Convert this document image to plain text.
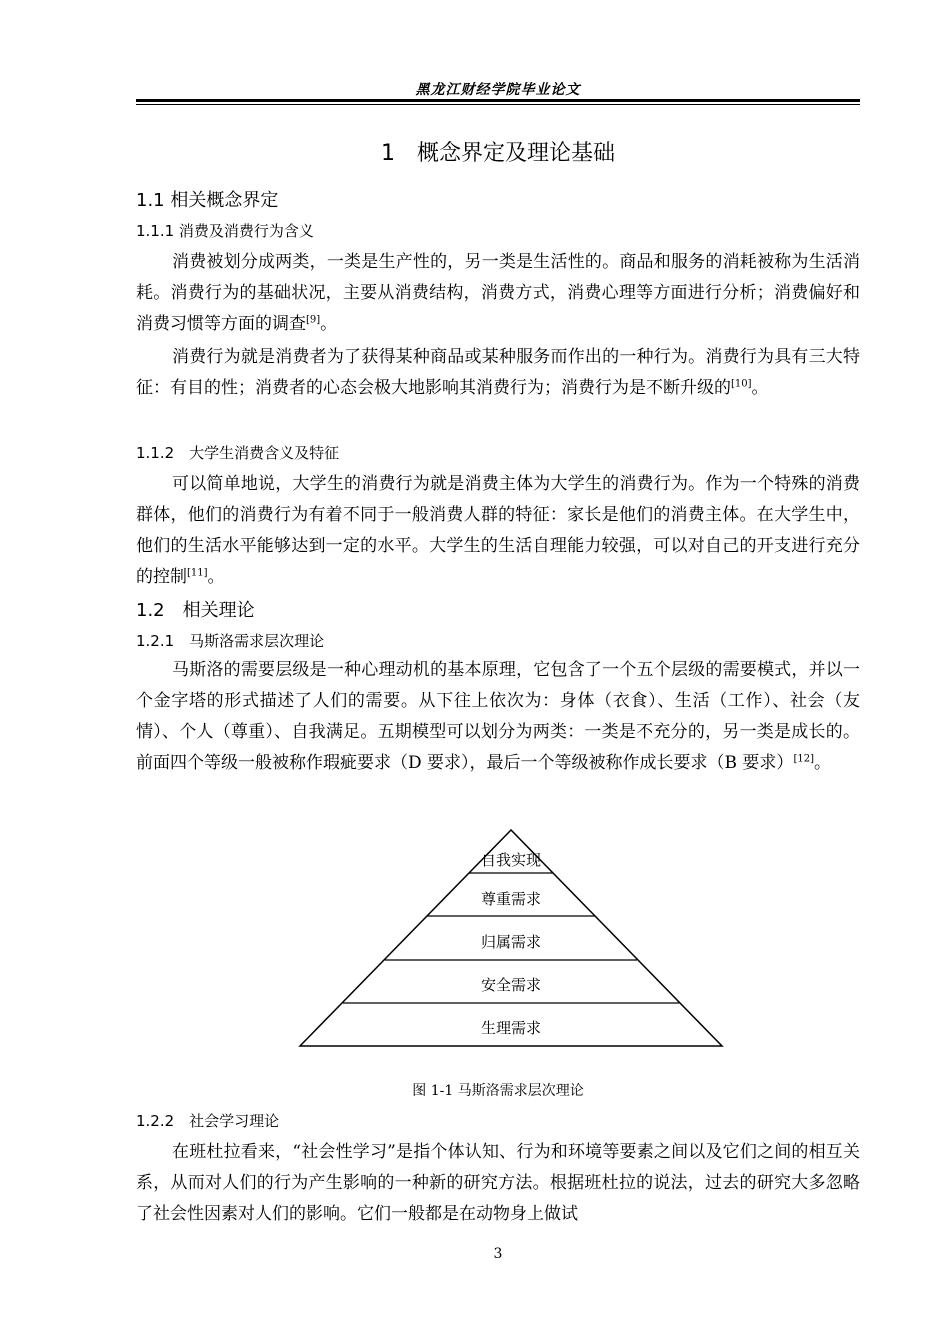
黑龙江财经学院毕业论文
1　概念界定及理论基础
1.1 相关概念界定
1.1.1 消费及消费行为含义

消费被划分成两类，一类是生产性的，另一类是生活性的。商品和服务的消耗被称为生活消耗。消费行为的基础状况，主要从消费结构，消费方式，消费心理等方面进行分析；消费偏好和消费习惯等方面的调查[9]。

消费行为就是消费者为了获得某种商品或某种服务而作出的一种行为。消费行为具有三大特征：有目的性；消费者的心态会极大地影响其消费行为；消费行为是不断升级的[10]。

1.1.2　大学生消费含义及特征

可以简单地说，大学生的消费行为就是消费主体为大学生的消费行为。作为一个特殊的消费群体，他们的消费行为有着不同于一般消费人群的特征：家长是他们的消费主体。在大学生中，他们的生活水平能够达到一定的水平。大学生的生活自理能力较强，可以对自己的开支进行充分的控制[11]。

1.2　相关理论
1.2.1　马斯洛需求层次理论

马斯洛的需要层级是一种心理动机的基本原理，它包含了一个五个层级的需要模式，并以一个金字塔的形式描述了人们的需要。从下往上依次为：身体（衣食）、生活（工作）、社会（友情）、个人（尊重）、自我满足。五期模型可以划分为两类：一类是不充分的，另一类是成长的。前面四个等级一般被称作瑕疵要求（D 要求），最后一个等级被称作成长要求（B 要求）[12]。

自我实现
尊重需求
归属需求
安全需求
生理需求
图 1-1 马斯洛需求层次理论
1.2.2　社会学习理论

在班杜拉看来，“社会性学习”是指个体认知、行为和环境等要素之间以及它们之间的相互关系，从而对人们的行为产生影响的一种新的研究方法。根据班杜拉的说法，过去的研究大多忽略了社会性因素对人们的影响。它们一般都是在动物身上做试

3
